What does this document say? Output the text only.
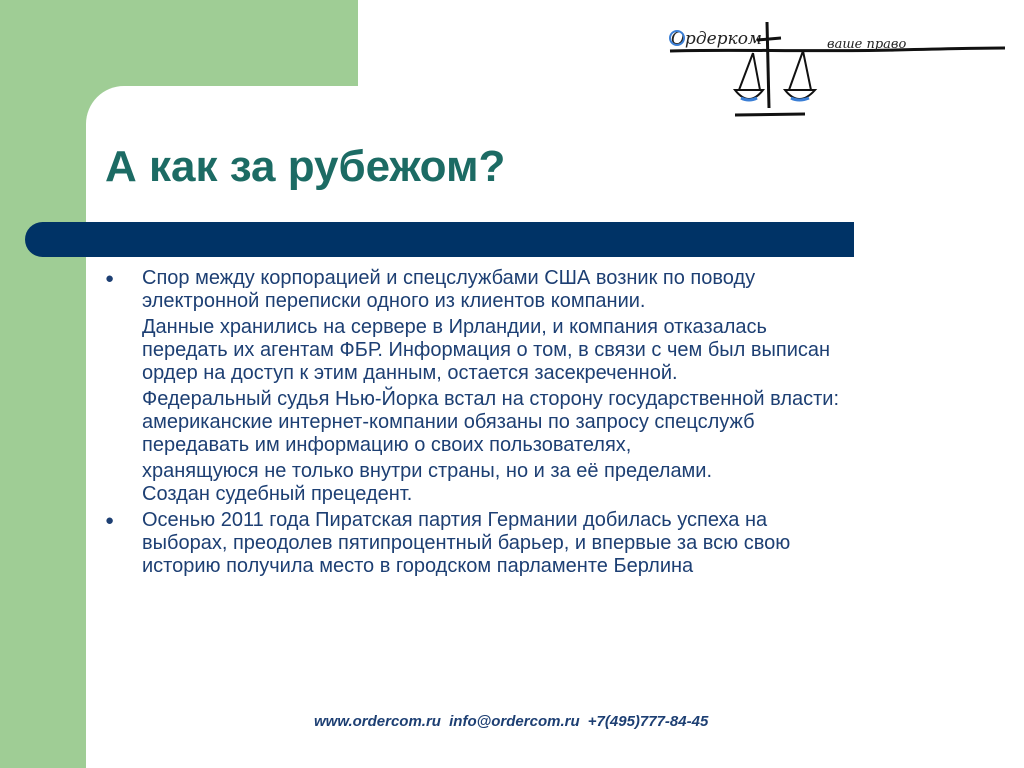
Ордерком	ваше право
А как за рубежом?
● Спор между корпорацией и спецслужбами США возник по поводу
электронной переписки одного из клиентов компании.

Данные хранились на сервере в Ирландии, и компания отказалась
передать их агентам ФБР. Информация о том, в связи с чем был выписан
ордер на доступ к этим данным, остается засекреченной.

Федеральный судья Нью-Йорка встал на сторону государственной власти:
американские интернет-компании обязаны по запросу спецслужб
передавать им информацию о своих пользователях,

хранящуюся не только внутри страны, но и за её пределами.
Создан судебный прецедент.

● Осенью 2011 года Пиратская партия Германии добилась успеха на
выборах, преодолев пятипроцентный барьер, и впервые за всю свою
историю получила место в городском парламенте Берлина

www.ordercom.ru info@ordercom.ru +7(495)777-84-45
